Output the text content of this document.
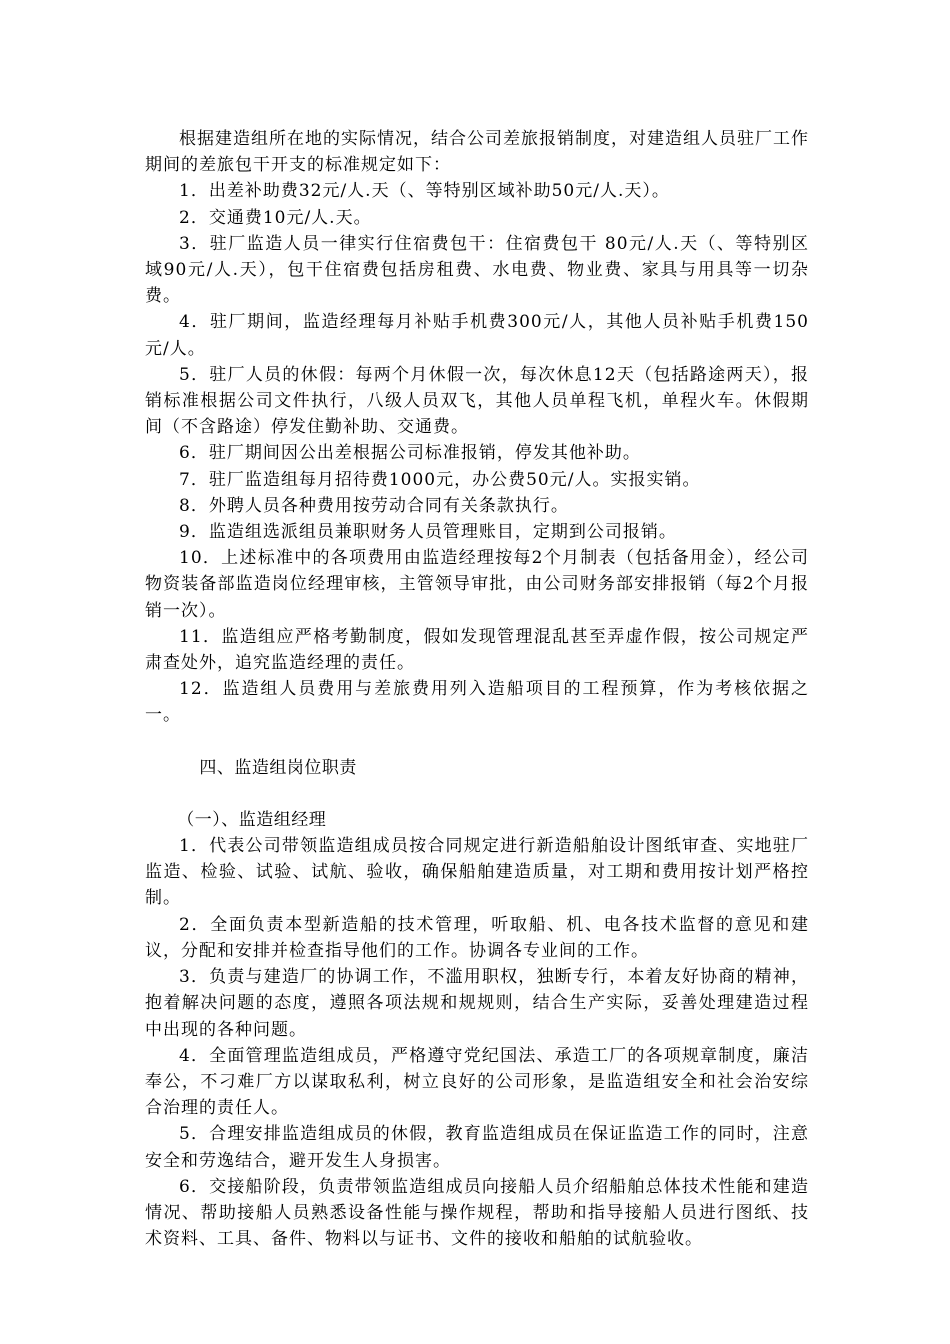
根据建造组所在地的实际情况，结合公司差旅报销制度，对建造组人员驻厂工作期间的差旅包干开支的标准规定如下：

1．出差补助费32元/人.天（、等特别区域补助50元/人.天）。

2．交通费10元/人.天。

3．驻厂监造人员一律实行住宿费包干：住宿费包干 80元/人.天（、等特别区域90元/人.天），包干住宿费包括房租费、水电费、物业费、家具与用具等一切杂费。

4．驻厂期间，监造经理每月补贴手机费300元/人，其他人员补贴手机费150元/人。

5．驻厂人员的休假：每两个月休假一次，每次休息12天（包括路途两天），报销标准根据公司文件执行，八级人员双飞，其他人员单程飞机，单程火车。休假期间（不含路途）停发住勤补助、交通费。

6．驻厂期间因公出差根据公司标准报销，停发其他补助。

7．驻厂监造组每月招待费1000元，办公费50元/人。实报实销。

8．外聘人员各种费用按劳动合同有关条款执行。

9．监造组选派组员兼职财务人员管理账目，定期到公司报销。

10．上述标准中的各项费用由监造经理按每2个月制表（包括备用金），经公司物资装备部监造岗位经理审核，主管领导审批，由公司财务部安排报销（每2个月报销一次）。

11．监造组应严格考勤制度，假如发现管理混乱甚至弄虚作假，按公司规定严肃查处外，追究监造经理的责任。

12．监造组人员费用与差旅费用列入造船项目的工程预算，作为考核依据之一。

四、监造组岗位职责

（一）、监造组经理

1．代表公司带领监造组成员按合同规定进行新造船舶设计图纸审查、实地驻厂监造、检验、试验、试航、验收，确保船舶建造质量，对工期和费用按计划严格控制。

2．全面负责本型新造船的技术管理，听取船、机、电各技术监督的意见和建议，分配和安排并检查指导他们的工作。协调各专业间的工作。

3．负责与建造厂的协调工作，不滥用职权，独断专行，本着友好协商的精神，抱着解决问题的态度，遵照各项法规和规规则，结合生产实际，妥善处理建造过程中出现的各种问题。

4．全面管理监造组成员，严格遵守党纪国法、承造工厂的各项规章制度，廉洁奉公，不刁难厂方以谋取私利，树立良好的公司形象，是监造组安全和社会治安综合治理的责任人。

5．合理安排监造组成员的休假，教育监造组成员在保证监造工作的同时，注意安全和劳逸结合，避开发生人身损害。

6．交接船阶段，负责带领监造组成员向接船人员介绍船舶总体技术性能和建造情况、帮助接船人员熟悉设备性能与操作规程，帮助和指导接船人员进行图纸、技术资料、工具、备件、物料以与证书、文件的接收和船舶的试航验收。
